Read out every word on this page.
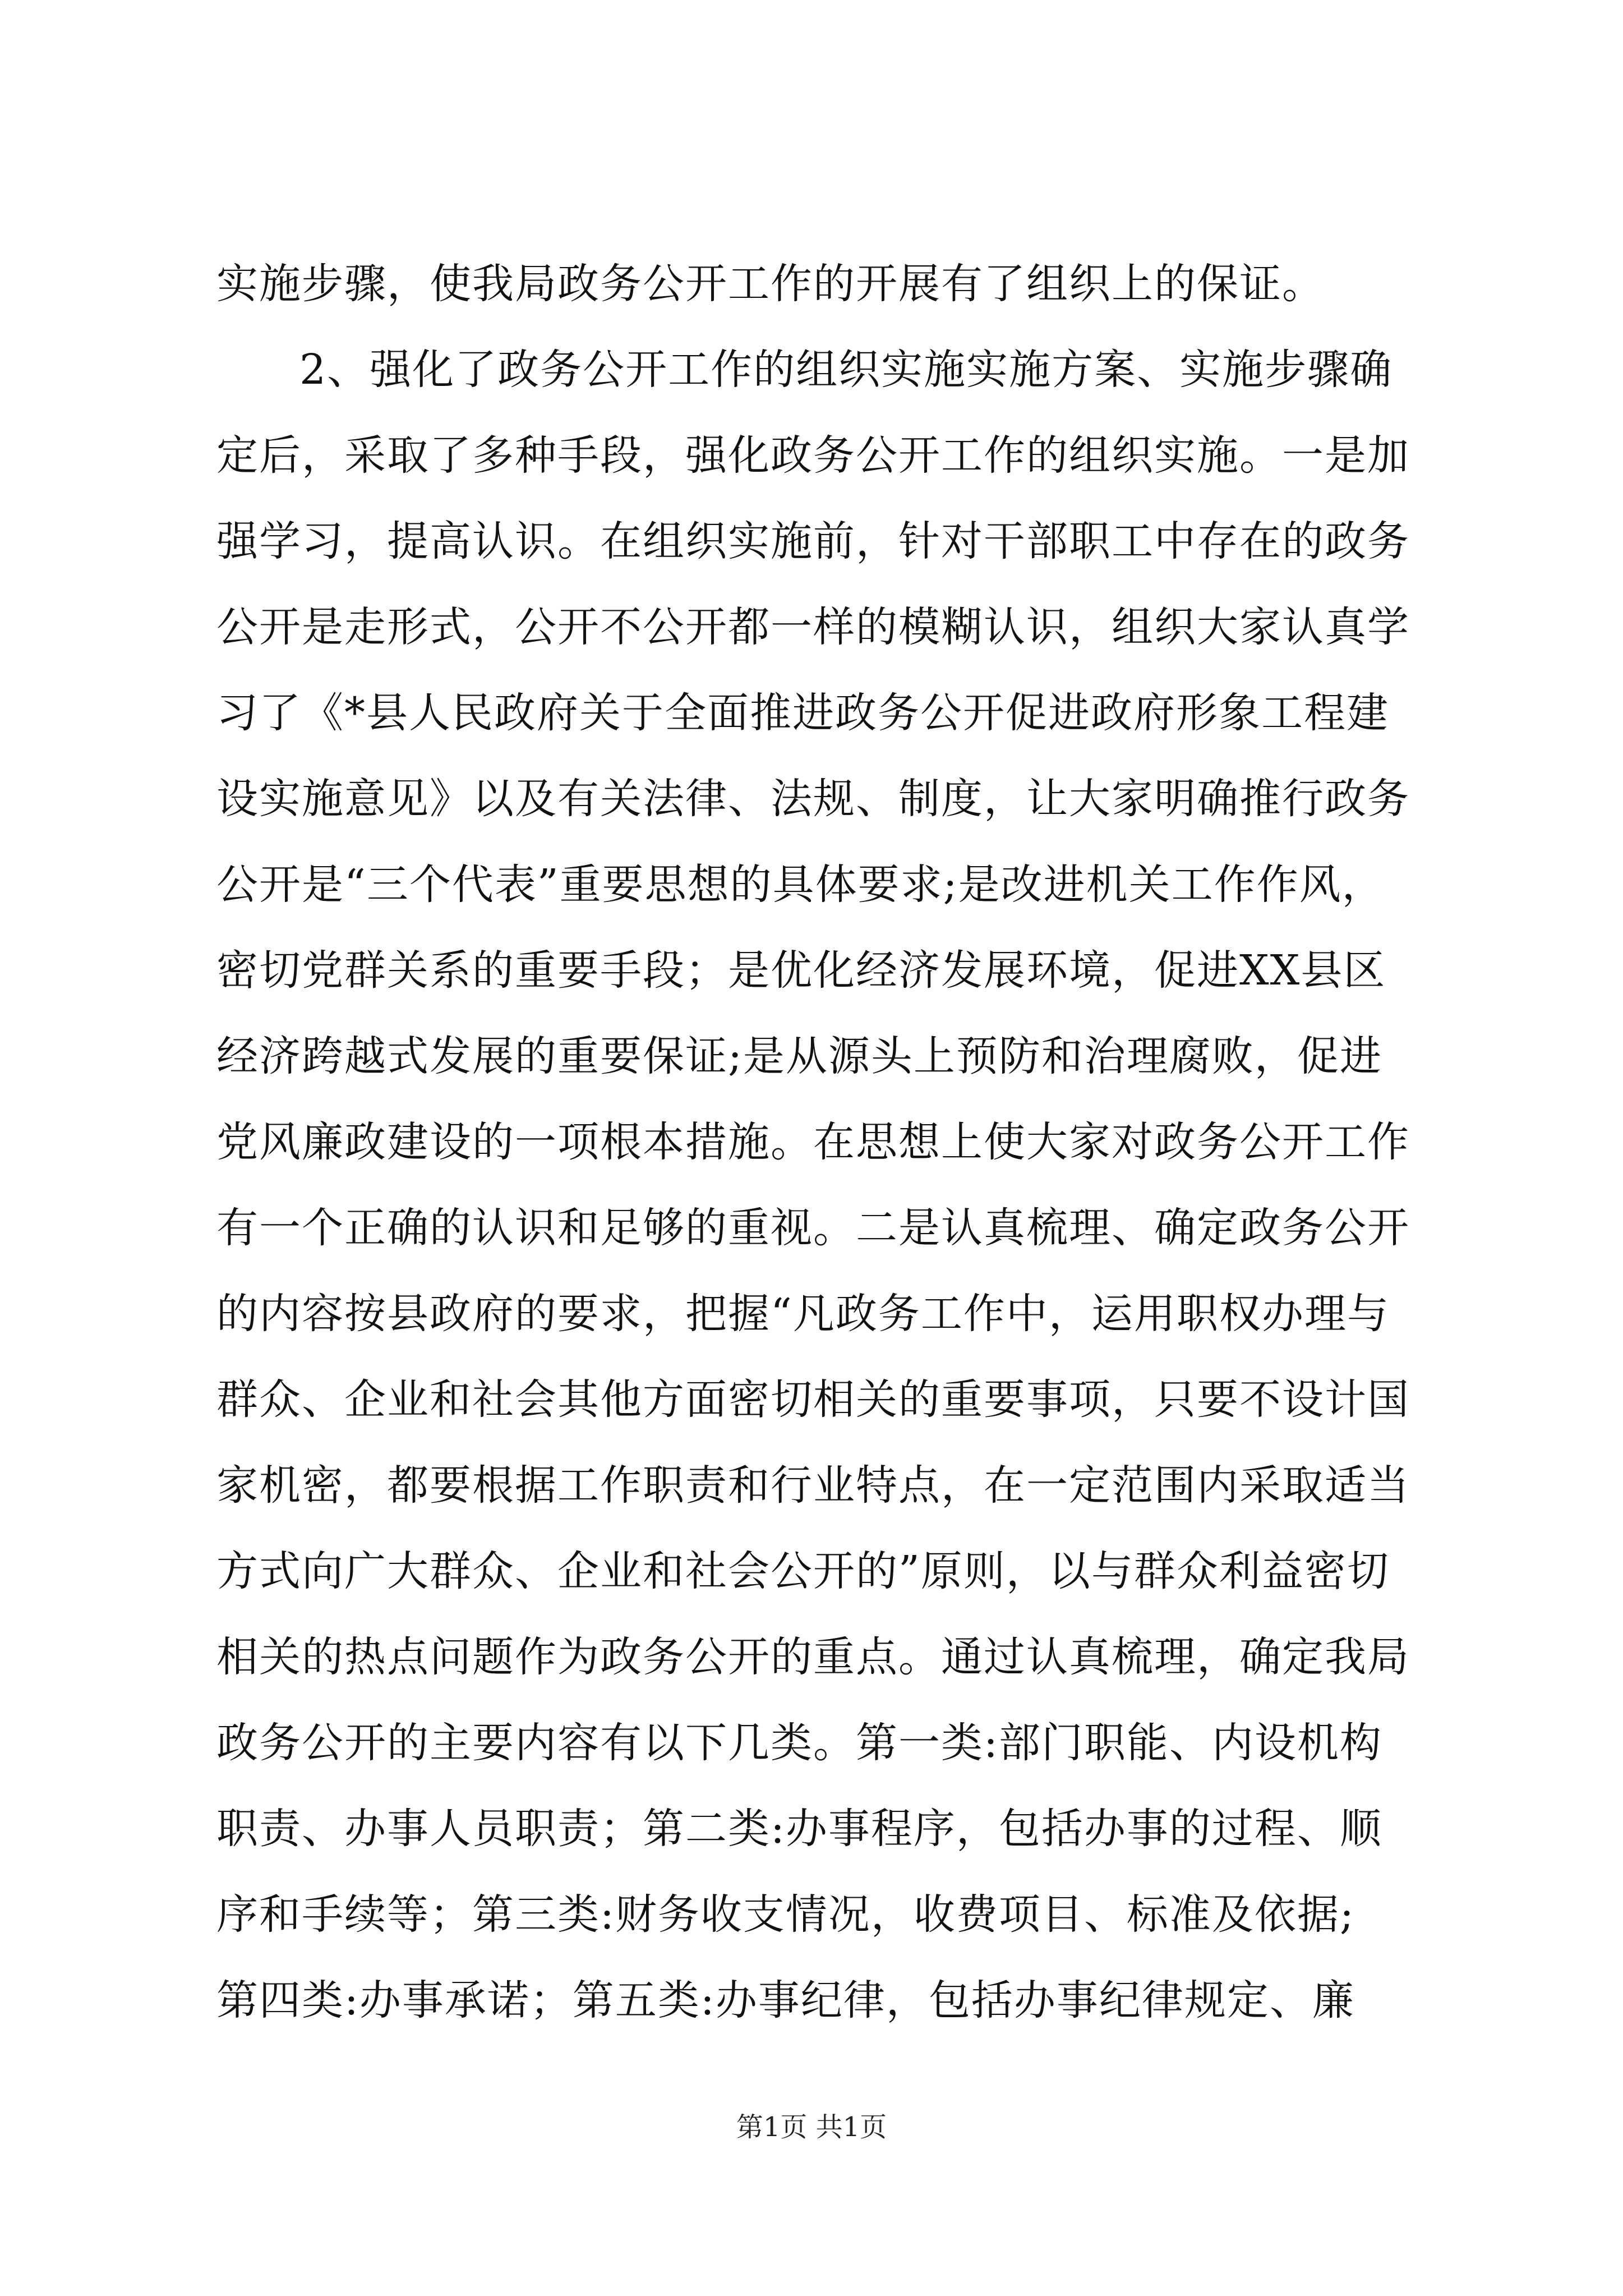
实施步骤，使我局政务公开工作的开展有了组织上的保证。
2、强化了政务公开工作的组织实施实施方案、实施步骤确
定后，采取了多种手段，强化政务公开工作的组织实施。一是加
强学习，提高认识。在组织实施前，针对干部职工中存在的政务
公开是走形式，公开不公开都一样的模糊认识，组织大家认真学
习了《*县人民政府关于全面推进政务公开促进政府形象工程建
设实施意见》以及有关法律、法规、制度，让大家明确推行政务
公开是“三个代表”重要思想的具体要求;是改进机关工作作风，
密切党群关系的重要手段；是优化经济发展环境，促进XX县区
经济跨越式发展的重要保证;是从源头上预防和治理腐败，促进
党风廉政建设的一项根本措施。在思想上使大家对政务公开工作
有一个正确的认识和足够的重视。二是认真梳理、确定政务公开
的内容按县政府的要求，把握“凡政务工作中，运用职权办理与
群众、企业和社会其他方面密切相关的重要事项，只要不设计国
家机密，都要根据工作职责和行业特点，在一定范围内采取适当
方式向广大群众、企业和社会公开的”原则，以与群众利益密切
相关的热点问题作为政务公开的重点。通过认真梳理，确定我局
政务公开的主要内容有以下几类。第一类:部门职能、内设机构
职责、办事人员职责；第二类:办事程序，包括办事的过程、顺
序和手续等；第三类:财务收支情况，收费项目、标准及依据;
第四类:办事承诺；第五类:办事纪律，包括办事纪律规定、廉
第1页 共1页
